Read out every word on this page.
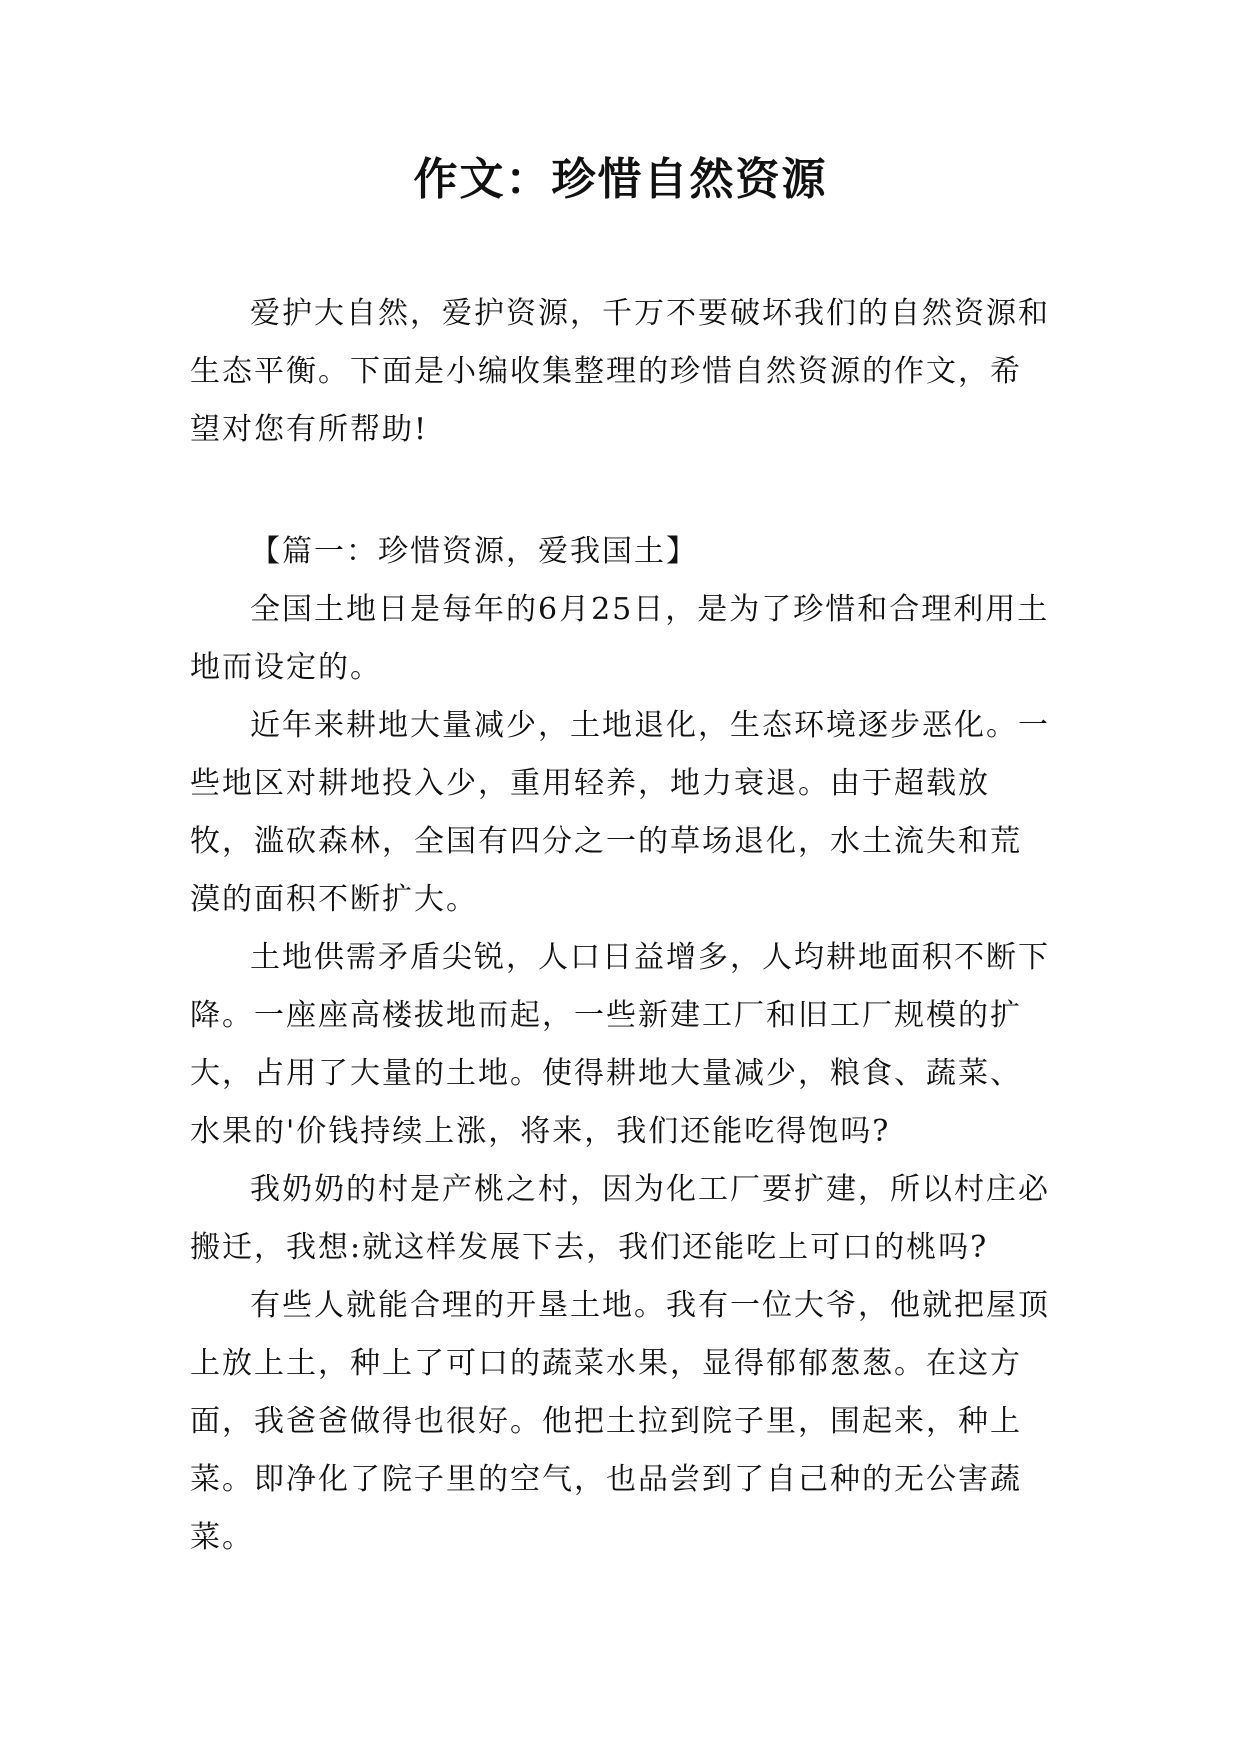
作文：珍惜自然资源

爱护大自然，爱护资源，千万不要破坏我们的自然资源和生态平衡。下面是小编收集整理的珍惜自然资源的作文，希望对您有所帮助!

【篇一：珍惜资源，爱我国土】

全国土地日是每年的6月25日，是为了珍惜和合理利用土地而设定的。

近年来耕地大量减少，土地退化，生态环境逐步恶化。一些地区对耕地投入少，重用轻养，地力衰退。由于超载放牧，滥砍森林，全国有四分之一的草场退化，水土流失和荒漠的面积不断扩大。

土地供需矛盾尖锐，人口日益增多，人均耕地面积不断下降。一座座高楼拔地而起，一些新建工厂和旧工厂规模的扩大，占用了大量的土地。使得耕地大量减少，粮食、蔬菜、水果的'价钱持续上涨，将来，我们还能吃得饱吗?

我奶奶的村是产桃之村，因为化工厂要扩建，所以村庄必搬迁，我想:就这样发展下去，我们还能吃上可口的桃吗?

有些人就能合理的开垦土地。我有一位大爷，他就把屋顶上放上土，种上了可口的蔬菜水果，显得郁郁葱葱。在这方面，我爸爸做得也很好。他把土拉到院子里，围起来，种上菜。即净化了院子里的空气，也品尝到了自己种的无公害蔬菜。
